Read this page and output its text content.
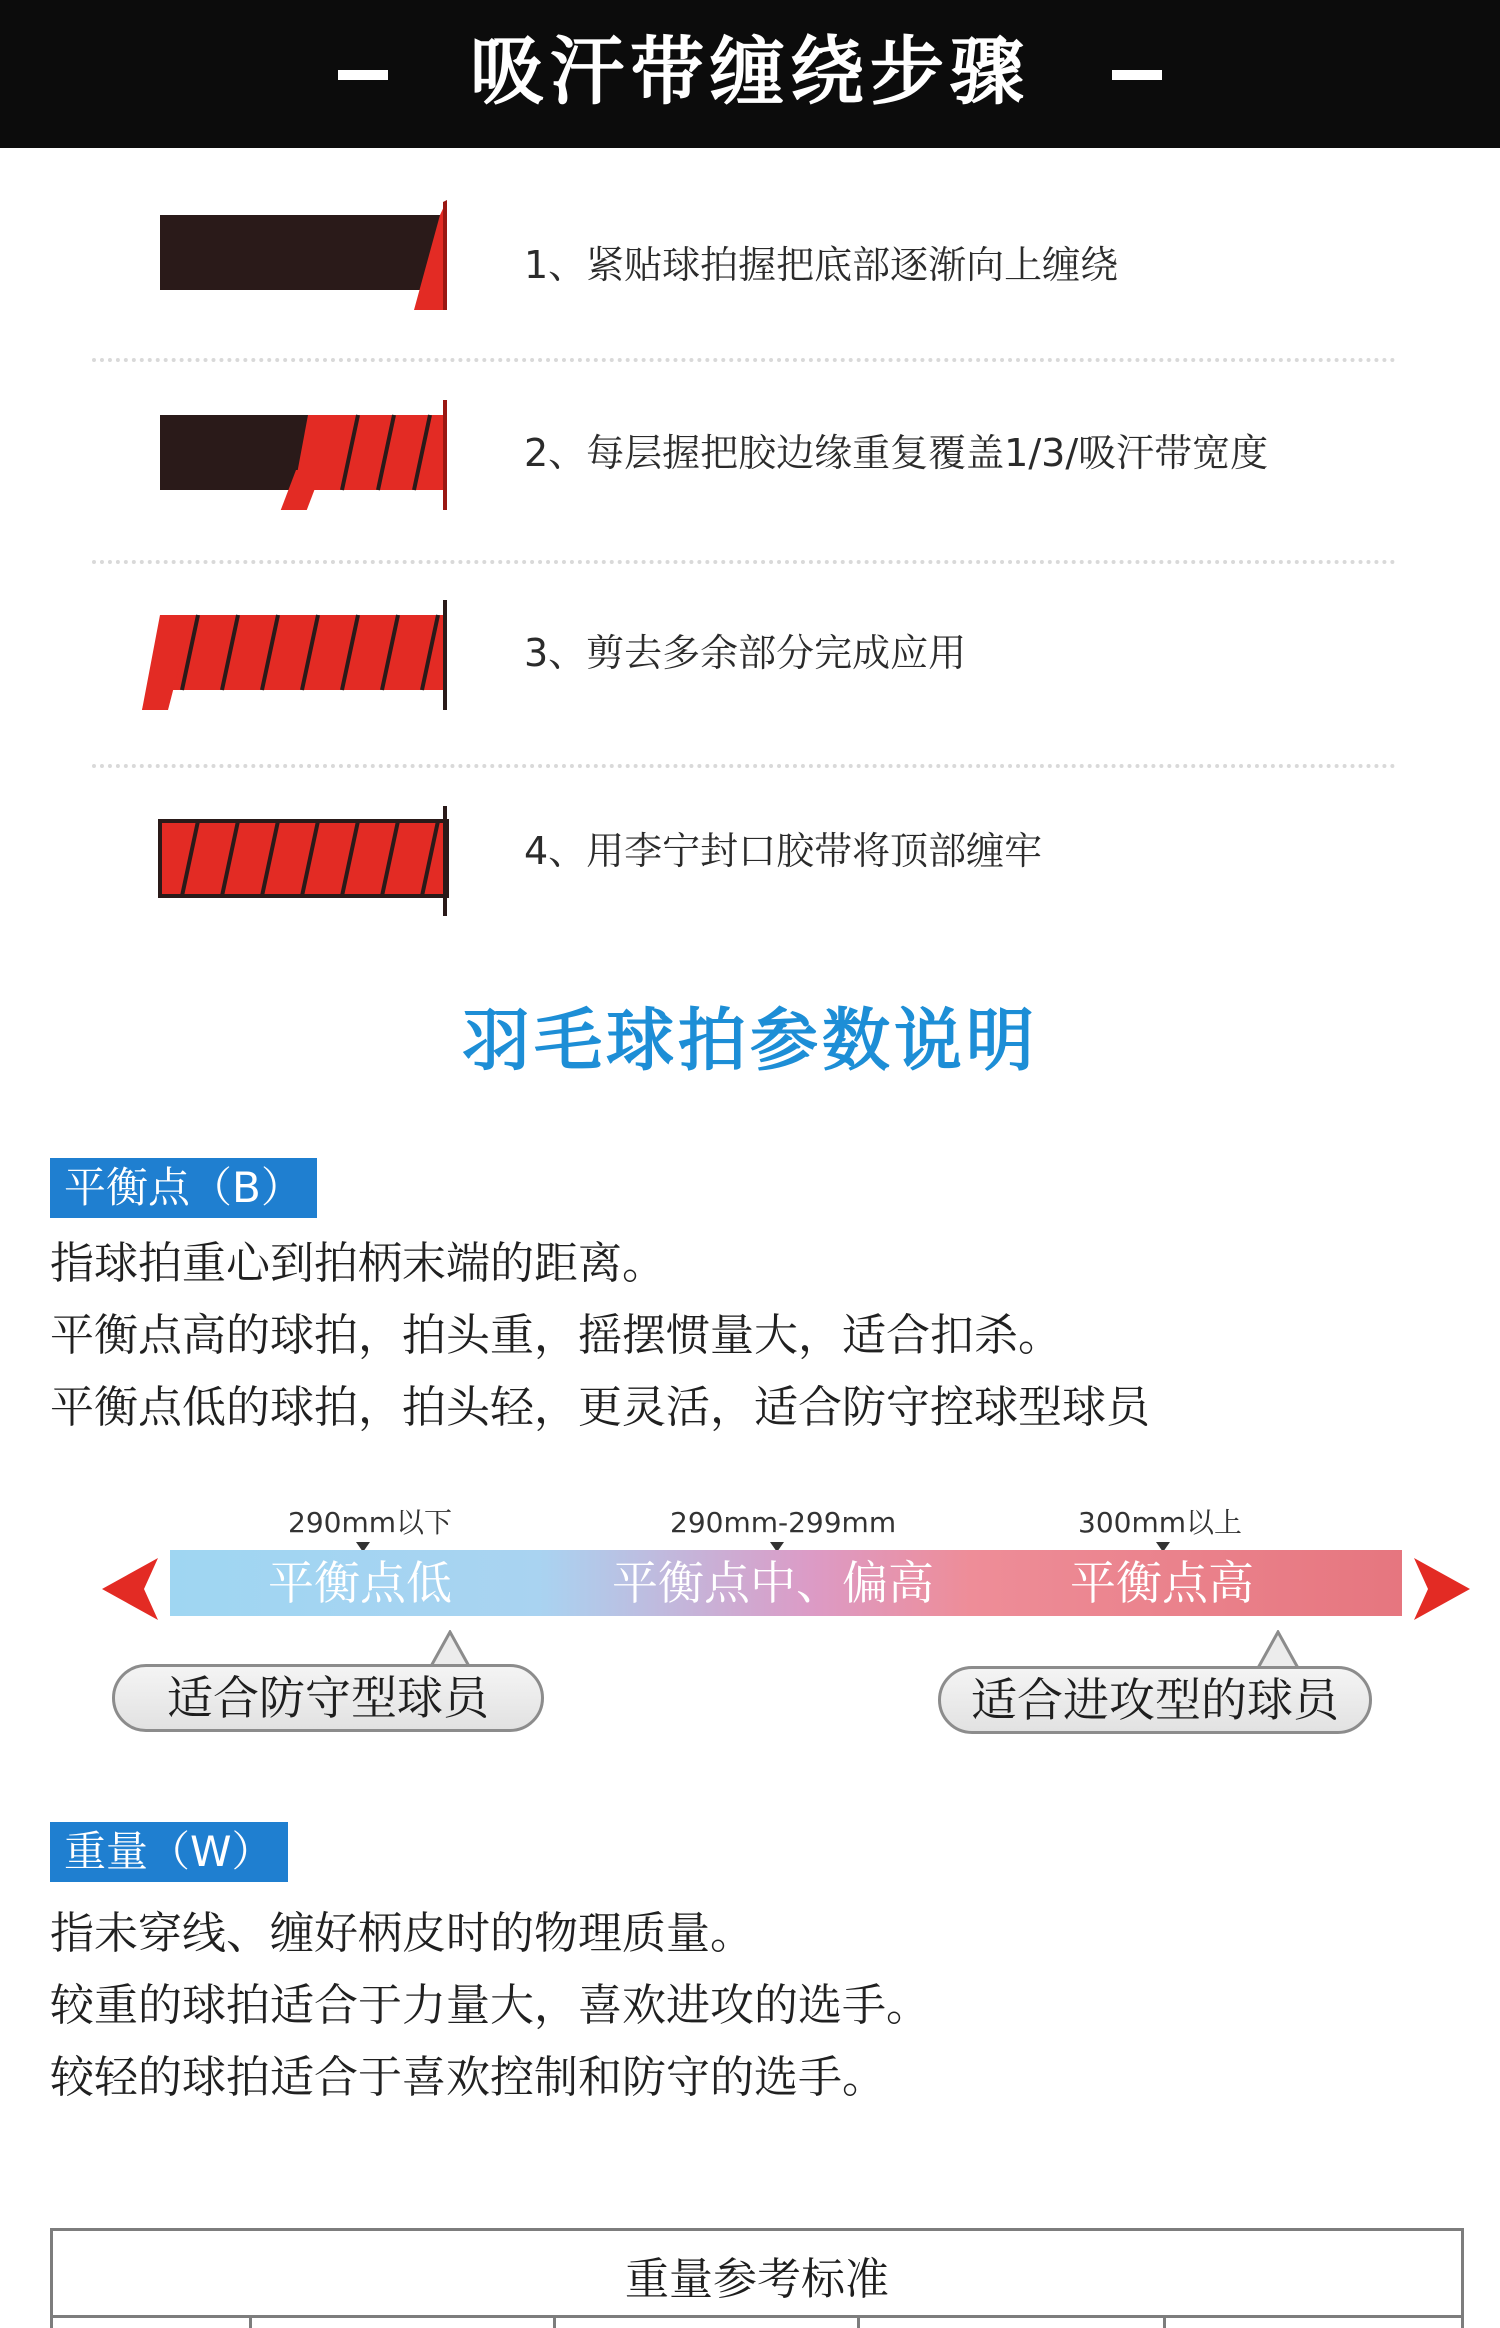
吸汗带缠绕步骤
1、紧贴球拍握把底部逐渐向上缠绕
2、每层握把胶边缘重复覆盖1/3/吸汗带宽度
3、剪去多余部分完成应用
4、用李宁封口胶带将顶部缠牢
羽毛球拍参数说明
平衡点（B）
指球拍重心到拍柄末端的距离。
平衡点高的球拍，拍头重，摇摆惯量大，适合扣杀。
平衡点低的球拍，拍头轻，更灵活，适合防守控球型球员
290mm以下	290mm-299mm	300mm以上
平衡点低	平衡点中、偏高	平衡点高
适合防守型球员	适合进攻型的球员
重量（W）
指未穿线、缠好柄皮时的物理质量。
较重的球拍适合于力量大，喜欢进攻的选手。
较轻的球拍适合于喜欢控制和防守的选手。
重量参考标准
